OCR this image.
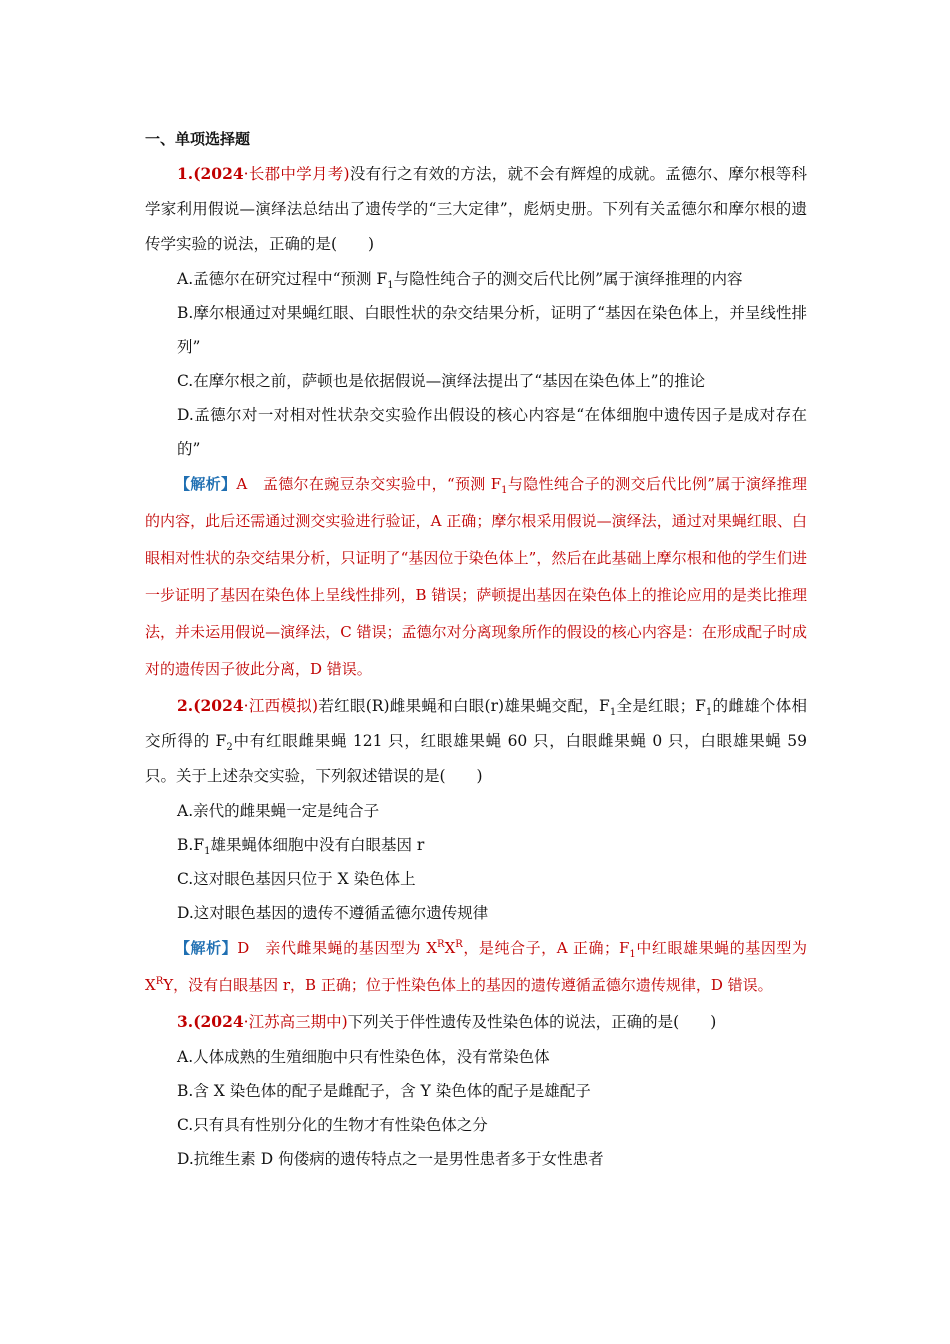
一、单项选择题

1.(2024·长郡中学月考)没有行之有效的方法，就不会有辉煌的成就。孟德尔、摩尔根等科学家利用假说—演绎法总结出了遗传学的“三大定律”，彪炳史册。下列有关孟德尔和摩尔根的遗传学实验的说法，正确的是(　　)

A.孟德尔在研究过程中“预测 $F_1$与隐性纯合子的测交后代比例”属于演绎推理的内容

B.摩尔根通过对果蝇红眼、白眼性状的杂交结果分析，证明了“基因在染色体上，并呈线性排列”

C.在摩尔根之前，萨顿也是依据假说—演绎法提出了“基因在染色体上”的推论

D.孟德尔对一对相对性状杂交实验作出假设的核心内容是“在体细胞中遗传因子是成对存在的”

【解析】A　孟德尔在豌豆杂交实验中，“预测 $F_1$与隐性纯合子的测交后代比例”属于演绎推理的内容，此后还需通过测交实验进行验证，A 正确；摩尔根采用假说—演绎法，通过对果蝇红眼、白眼相对性状的杂交结果分析，只证明了“基因位于染色体上”，然后在此基础上摩尔根和他的学生们进一步证明了基因在染色体上呈线性排列，B 错误；萨顿提出基因在染色体上的推论应用的是类比推理法，并未运用假说—演绎法，C 错误；孟德尔对分离现象所作的假设的核心内容是：在形成配子时成对的遗传因子彼此分离，D 错误。

2.(2024·江西模拟)若红眼(R)雌果蝇和白眼(r)雄果蝇交配，$F_1$全是红眼；$F_1$的雌雄个体相交所得的 $F_2$中有红眼雌果蝇 121 只，红眼雄果蝇 60 只，白眼雌果蝇 0 只，白眼雄果蝇 59 只。关于上述杂交实验，下列叙述错误的是(　　)

A.亲代的雌果蝇一定是纯合子

$B.F_1$雄果蝇体细胞中没有白眼基因 r

C.这对眼色基因只位于 X 染色体上

D.这对眼色基因的遗传不遵循孟德尔遗传规律

【解析】D　亲代雌果蝇的基因型为 $X^RX^R$，是纯合子，A 正确；$F_1$中红眼雄果蝇的基因型为 $X^RY$，没有白眼基因 r，B 正确；位于性染色体上的基因的遗传遵循孟德尔遗传规律，D 错误。

3.(2024·江苏高三期中)下列关于伴性遗传及性染色体的说法，正确的是(　　)

A.人体成熟的生殖细胞中只有性染色体，没有常染色体

B.含 X 染色体的配子是雌配子，含 Y 染色体的配子是雄配子

C.只有具有性别分化的生物才有性染色体之分

D.抗维生素 D 佝偻病的遗传特点之一是男性患者多于女性患者
